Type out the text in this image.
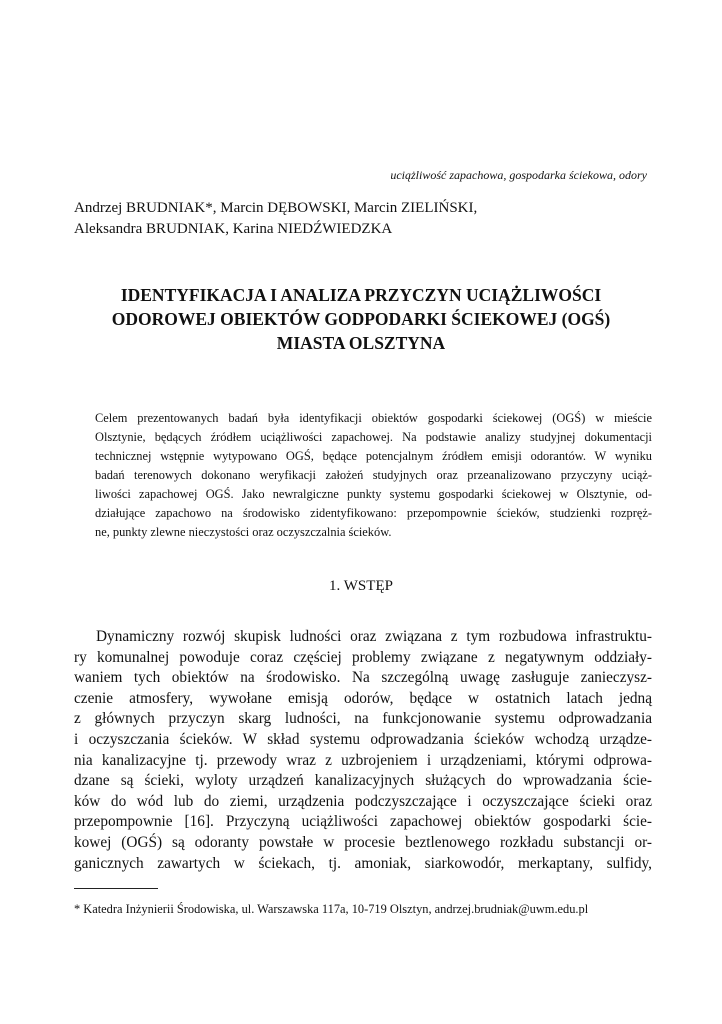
uciążliwość zapachowa, gospodarka ściekowa, odory
Andrzej BRUDNIAK*, Marcin DĘBOWSKI, Marcin ZIELIŃSKI,
Aleksandra BRUDNIAK, Karina NIEDŹWIEDZKA
IDENTYFIKACJA I ANALIZA PRZYCZYN UCIĄŻLIWOŚCI
ODOROWEJ OBIEKTÓW GODPODARKI ŚCIEKOWEJ (OGŚ)
MIASTA OLSZTYNA
Celem prezentowanych badań była identyfikacji obiektów gospodarki ściekowej (OGŚ) w mieście
Olsztynie, będących źródłem uciążliwości zapachowej. Na podstawie analizy studyjnej dokumentacji
technicznej wstępnie wytypowano OGŚ, będące potencjalnym źródłem emisji odorantów. W wyniku
badań terenowych dokonano weryfikacji założeń studyjnych oraz przeanalizowano przyczyny uciąż-
liwości zapachowej OGŚ. Jako newralgiczne punkty systemu gospodarki ściekowej w Olsztynie, od-
działujące zapachowo na środowisko zidentyfikowano: przepompownie ścieków, studzienki rozpręż-
ne, punkty zlewne nieczystości oraz oczyszczalnia ścieków.
1. WSTĘP
Dynamiczny rozwój skupisk ludności oraz związana z tym rozbudowa infrastruktu-
ry komunalnej powoduje coraz częściej problemy związane z negatywnym oddziały-
waniem tych obiektów na środowisko. Na szczególną uwagę zasługuje zanieczysz-
czenie atmosfery, wywołane emisją odorów, będące w ostatnich latach jedną
z głównych przyczyn skarg ludności, na funkcjonowanie systemu odprowadzania
i oczyszczania ścieków. W skład systemu odprowadzania ścieków wchodzą urządze-
nia kanalizacyjne tj. przewody wraz z uzbrojeniem i urządzeniami, którymi odprowa-
dzane są ścieki, wyloty urządzeń kanalizacyjnych służących do wprowadzania ście-
ków do wód lub do ziemi, urządzenia podczyszczające i oczyszczające ścieki oraz
przepompownie [16]. Przyczyną uciążliwości zapachowej obiektów gospodarki ście-
kowej (OGŚ) są odoranty powstałe w procesie beztlenowego rozkładu substancji or-
ganicznych zawartych w ściekach, tj. amoniak, siarkowodór, merkaptany, sulfidy,
* Katedra Inżynierii Środowiska, ul. Warszawska 117a, 10-719 Olsztyn, andrzej.brudniak@uwm.edu.pl
